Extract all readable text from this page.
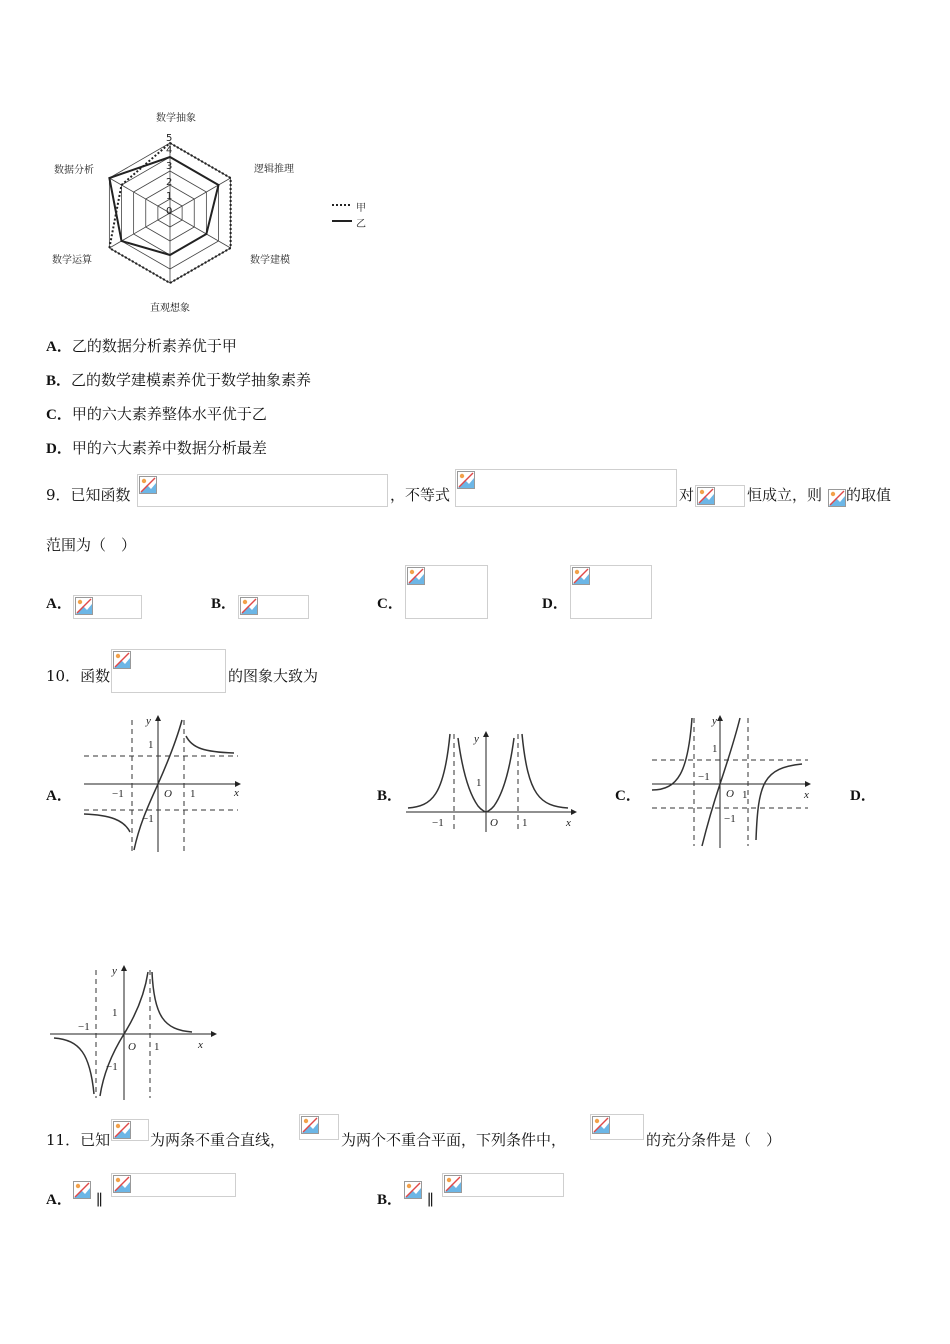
数学抽象
逻辑推理
数学建模
直观想象
数学运算
数据分析
5
4
3
2
1
0	甲
乙
A．乙的数据分析素养优于甲
B．乙的数学建模素养优于数学抽象素养
C．甲的六大素养整体水平优于乙
D．甲的六大素养中数据分析最差
9．已知函数	，不等式	对	恒成立，则 的取值
范围为（　）
A．	B．	C．	D．
10．函数	的图象大致为
A．	B．	C．	D．
y
x
O
1
1
−1
−1
y
x
O
1
1
−1
y
x
O
1
1
−1
−1
y
x
O
1
1
−1
−1
11．已知	为两条不重合直线，	为两个不重合平面，下列条件中，	的充分条件是（　）
A． ∥	B． ∥
